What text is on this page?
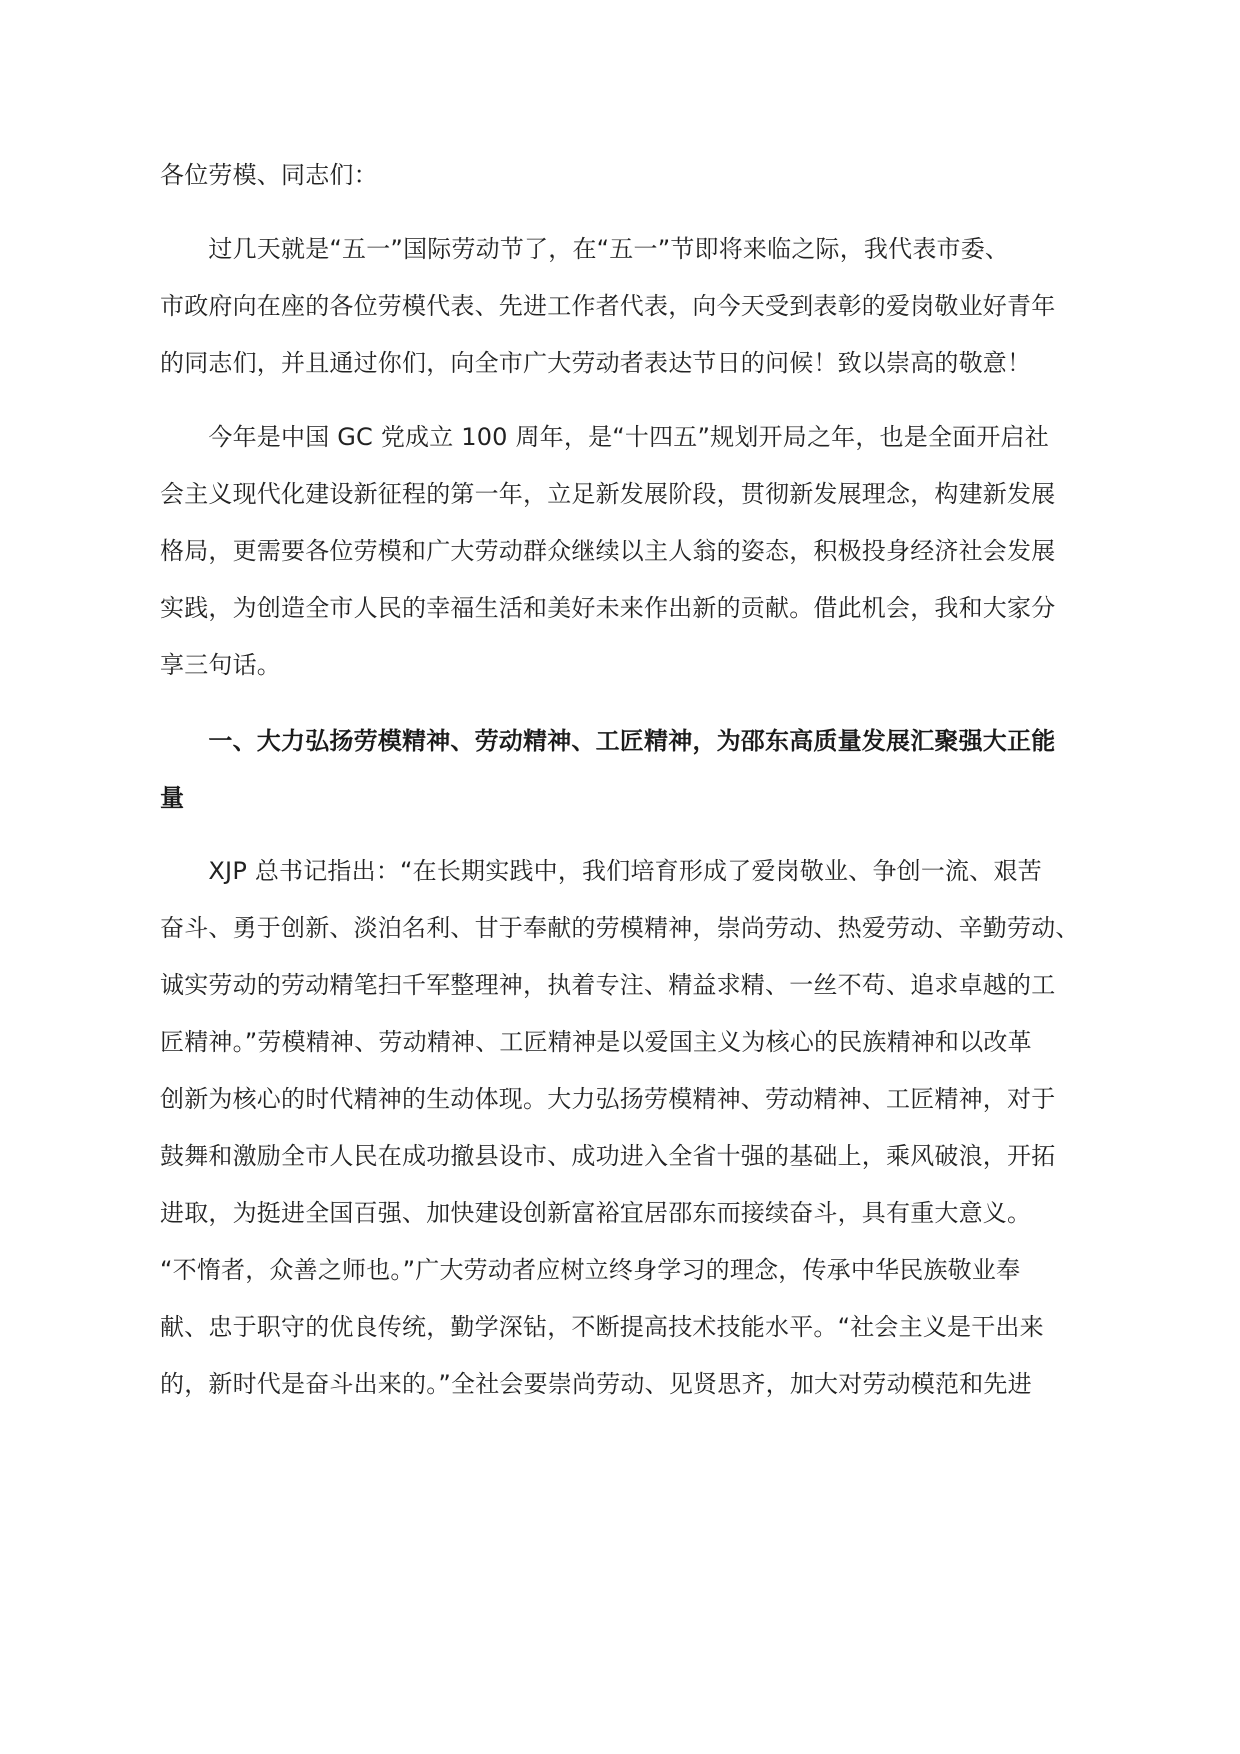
各位劳模、同志们：
　　过几天就是“五一”国际劳动节了，在“五一”节即将来临之际，我代表市委、
市政府向在座的各位劳模代表、先进工作者代表，向今天受到表彰的爱岗敬业好青年
的同志们，并且通过你们，向全市广大劳动者表达节日的问候！致以崇高的敬意！
　　今年是中国 GC 党成立 100 周年，是“十四五”规划开局之年，也是全面开启社
会主义现代化建设新征程的第一年，立足新发展阶段，贯彻新发展理念，构建新发展
格局，更需要各位劳模和广大劳动群众继续以主人翁的姿态，积极投身经济社会发展
实践，为创造全市人民的幸福生活和美好未来作出新的贡献。借此机会，我和大家分
享三句话。
　　一、大力弘扬劳模精神、劳动精神、工匠精神，为邵东高质量发展汇聚强大正能
量
　　XJP 总书记指出：“在长期实践中，我们培育形成了爱岗敬业、争创一流、艰苦
奋斗、勇于创新、淡泊名利、甘于奉献的劳模精神，崇尚劳动、热爱劳动、辛勤劳动、
诚实劳动的劳动精笔扫千军整理神，执着专注、精益求精、一丝不苟、追求卓越的工
匠精神。”劳模精神、劳动精神、工匠精神是以爱国主义为核心的民族精神和以改革
创新为核心的时代精神的生动体现。大力弘扬劳模精神、劳动精神、工匠精神，对于
鼓舞和激励全市人民在成功撤县设市、成功进入全省十强的基础上，乘风破浪，开拓
进取，为挺进全国百强、加快建设创新富裕宜居邵东而接续奋斗，具有重大意义。
“不惰者，众善之师也。”广大劳动者应树立终身学习的理念，传承中华民族敬业奉
献、忠于职守的优良传统，勤学深钻，不断提高技术技能水平。“社会主义是干出来
的，新时代是奋斗出来的。”全社会要崇尚劳动、见贤思齐，加大对劳动模范和先进
